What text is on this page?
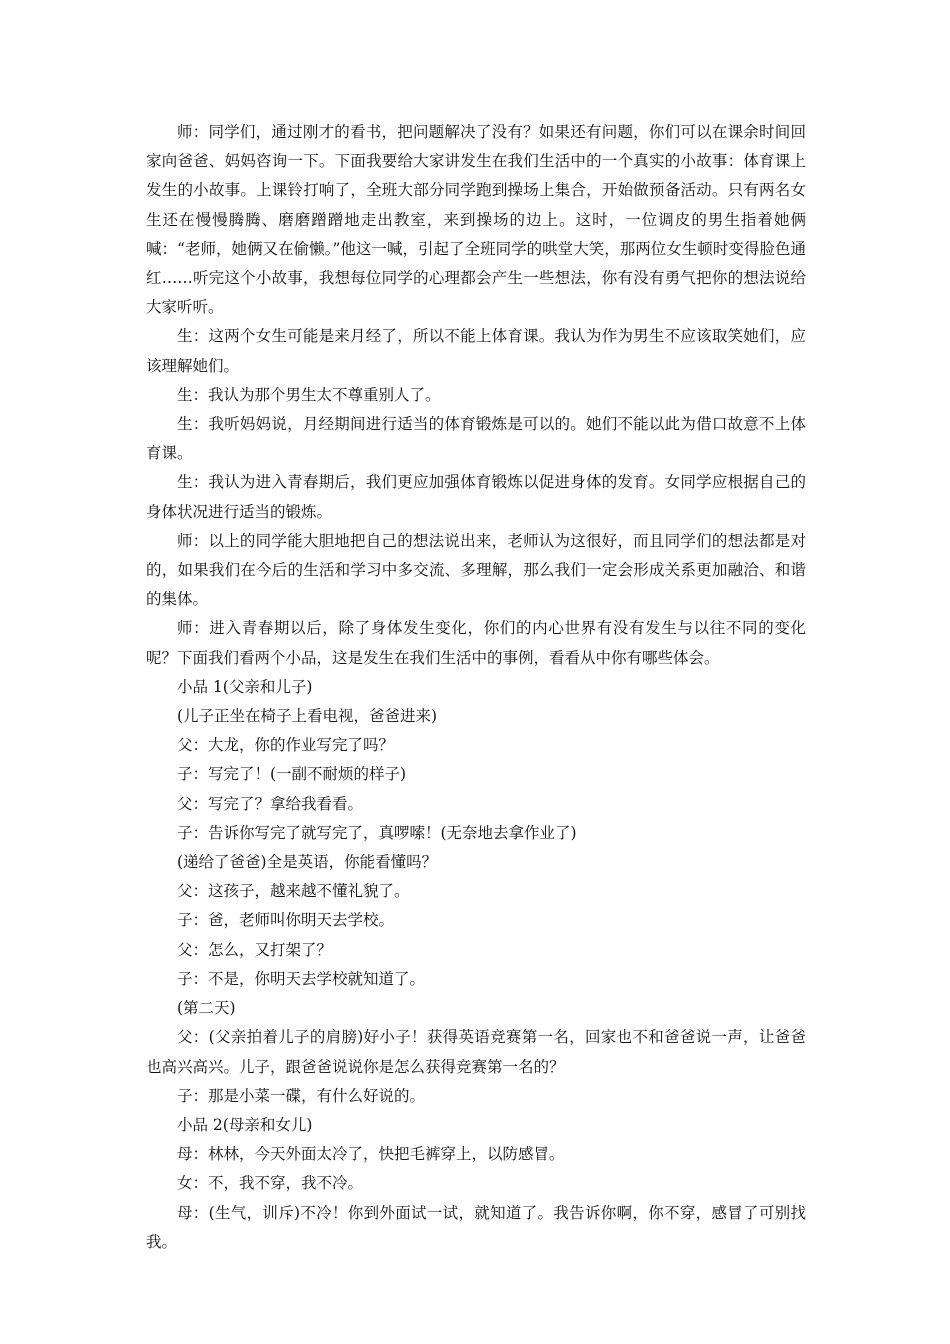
师：同学们，通过刚才的看书，把问题解决了没有？如果还有问题，你们可以在课余时间回家向爸爸、妈妈咨询一下。下面我要给大家讲发生在我们生活中的一个真实的小故事：体育课上发生的小故事。上课铃打响了，全班大部分同学跑到操场上集合，开始做预备活动。只有两名女生还在慢慢腾腾、磨磨蹭蹭地走出教室，来到操场的边上。这时，一位调皮的男生指着她俩喊：“老师，她俩又在偷懒。”他这一喊，引起了全班同学的哄堂大笑，那两位女生顿时变得脸色通红……听完这个小故事，我想每位同学的心理都会产生一些想法，你有没有勇气把你的想法说给大家听听。

生：这两个女生可能是来月经了，所以不能上体育课。我认为作为男生不应该取笑她们，应该理解她们。

生：我认为那个男生太不尊重别人了。

生：我听妈妈说，月经期间进行适当的体育锻炼是可以的。她们不能以此为借口故意不上体育课。

生：我认为进入青春期后，我们更应加强体育锻炼以促进身体的发育。女同学应根据自己的身体状况进行适当的锻炼。

师：以上的同学能大胆地把自己的想法说出来，老师认为这很好，而且同学们的想法都是对的，如果我们在今后的生活和学习中多交流、多理解，那么我们一定会形成关系更加融洽、和谐的集体。

师：进入青春期以后，除了身体发生变化，你们的内心世界有没有发生与以往不同的变化呢？下面我们看两个小品，这是发生在我们生活中的事例，看看从中你有哪些体会。

小品 1(父亲和儿子)

(儿子正坐在椅子上看电视，爸爸进来)

父：大龙，你的作业写完了吗？

子：写完了！(一副不耐烦的样子)

父：写完了？拿给我看看。

子：告诉你写完了就写完了，真啰嗦！(无奈地去拿作业了)

(递给了爸爸)全是英语，你能看懂吗？

父：这孩子，越来越不懂礼貌了。

子：爸，老师叫你明天去学校。

父：怎么，又打架了？

子：不是，你明天去学校就知道了。

(第二天)

父：(父亲拍着儿子的肩膀)好小子！获得英语竞赛第一名，回家也不和爸爸说一声，让爸爸也高兴高兴。儿子，跟爸爸说说你是怎么获得竞赛第一名的？

子：那是小菜一碟，有什么好说的。

小品 2(母亲和女儿)

母：林林，今天外面太冷了，快把毛裤穿上，以防感冒。

女：不，我不穿，我不冷。

母：(生气，训斥)不冷！你到外面试一试，就知道了。我告诉你啊，你不穿，感冒了可别找我。
